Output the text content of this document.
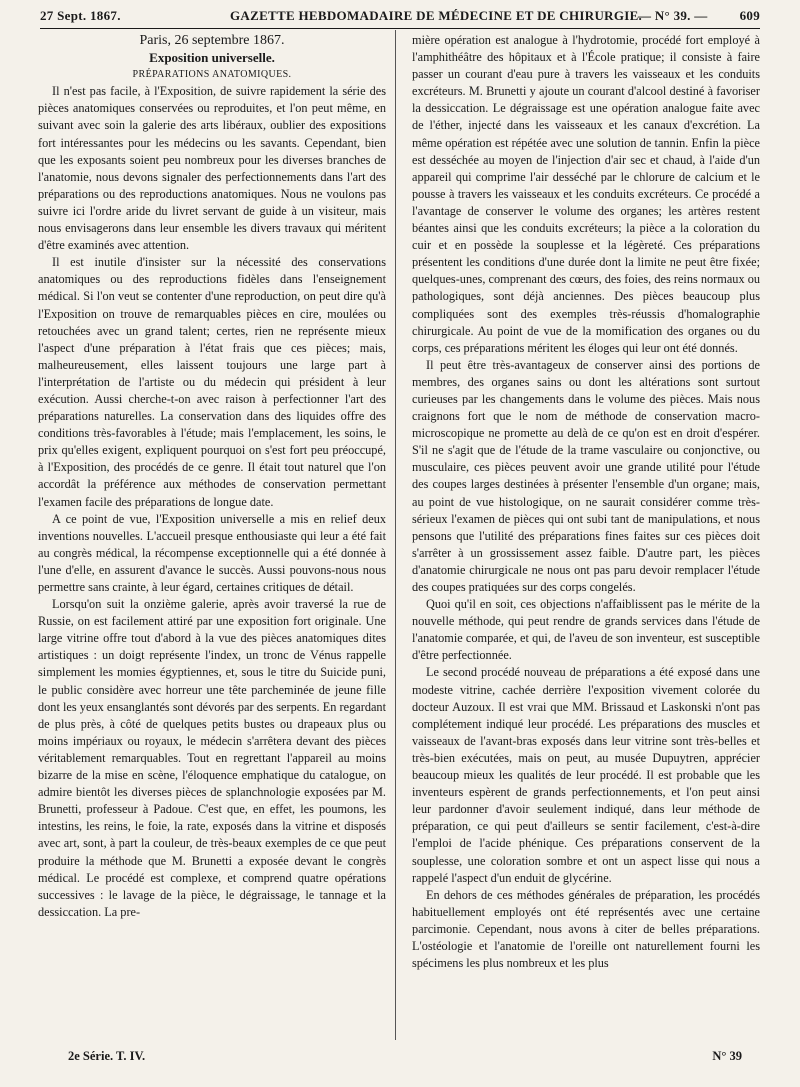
27 Sept. 1867.	GAZETTE HEBDOMADAIRE DE MÉDECINE ET DE CHIRURGIE.
— N° 39. — 609

Paris, 26 septembre 1867.

Exposition universelle.

PRÉPARATIONS ANATOMIQUES.

Il n'est pas facile, à l'Exposition, de suivre rapidement la série des pièces anatomiques conservées ou reproduites, et l'on peut même, en suivant avec soin la galerie des arts libéraux, oublier des expositions fort intéressantes pour les médecins ou les savants. Cependant, bien que les exposants soient peu nombreux pour les diverses branches de l'anatomie, nous devons signaler des perfectionnements dans l'art des préparations ou des reproductions anatomiques. Nous ne voulons pas suivre ici l'ordre aride du livret servant de guide à un visiteur, mais nous envisagerons dans leur ensemble les divers travaux qui méritent d'être examinés avec attention.

Il est inutile d'insister sur la nécessité des conservations anatomiques ou des reproductions fidèles dans l'enseignement médical. Si l'on veut se contenter d'une reproduction, on peut dire qu'à l'Exposition on trouve de remarquables pièces en cire, moulées ou retouchées avec un grand talent; certes, rien ne représente mieux l'aspect d'une préparation à l'état frais que ces pièces; mais, malheureusement, elles laissent toujours une large part à l'interprétation de l'artiste ou du médecin qui président à leur exécution. Aussi cherche-t-on avec raison à perfectionner l'art des préparations naturelles. La conservation dans des liquides offre des conditions très-favorables à l'étude; mais l'emplacement, les soins, le prix qu'elles exigent, expliquent pourquoi on s'est fort peu préoccupé, à l'Exposition, des procédés de ce genre. Il était tout naturel que l'on accordât la préférence aux méthodes de conservation permettant l'examen facile des préparations de longue date.

A ce point de vue, l'Exposition universelle a mis en relief deux inventions nouvelles. L'accueil presque enthousiaste qui leur a été fait au congrès médical, la récompense exceptionnelle qui a été donnée à l'une d'elle, en assurent d'avance le succès. Aussi pouvons-nous nous permettre sans crainte, à leur égard, certaines critiques de détail.

Lorsqu'on suit la onzième galerie, après avoir traversé la rue de Russie, on est facilement attiré par une exposition fort originale. Une large vitrine offre tout d'abord à la vue des pièces anatomiques dites artistiques : un doigt représente l'index, un tronc de Vénus rappelle simplement les momies égyptiennes, et, sous le titre du Suicide puni, le public considère avec horreur une tête parcheminée de jeune fille dont les yeux ensanglantés sont dévorés par des serpents. En regardant de plus près, à côté de quelques petits bustes ou drapeaux plus ou moins impériaux ou royaux, le médecin s'arrêtera devant des pièces véritablement remarquables. Tout en regrettant l'appareil au moins bizarre de la mise en scène, l'éloquence emphatique du catalogue, on admire bientôt les diverses pièces de splanchnologie exposées par M. Brunetti, professeur à Padoue. C'est que, en effet, les poumons, les intestins, les reins, le foie, la rate, exposés dans la vitrine et disposés avec art, sont, à part la couleur, de très-beaux exemples de ce que peut produire la méthode que M. Brunetti a exposée devant le congrès médical. Le procédé est complexe, et comprend quatre opérations successives : le lavage de la pièce, le dégraissage, le tannage et la dessiccation. La pre-

mière opération est analogue à l'hydrotomie, procédé fort employé à l'amphithéâtre des hôpitaux et à l'École pratique; il consiste à faire passer un courant d'eau pure à travers les vaisseaux et les conduits excréteurs. M. Brunetti y ajoute un courant d'alcool destiné à favoriser la dessiccation. Le dégraissage est une opération analogue faite avec de l'éther, injecté dans les vaisseaux et les canaux d'excrétion. La même opération est répétée avec une solution de tannin. Enfin la pièce est desséchée au moyen de l'injection d'air sec et chaud, à l'aide d'un appareil qui comprime l'air desséché par le chlorure de calcium et le pousse à travers les vaisseaux et les conduits excréteurs. Ce procédé a l'avantage de conserver le volume des organes; les artères restent béantes ainsi que les conduits excréteurs; la pièce a la coloration du cuir et en possède la souplesse et la légèreté. Ces préparations présentent les conditions d'une durée dont la limite ne peut être fixée; quelques-unes, comprenant des cœurs, des foies, des reins normaux ou pathologiques, sont déjà anciennes. Des pièces beaucoup plus compliquées sont des exemples très-réussis d'homalographie chirurgicale. Au point de vue de la momification des organes ou du corps, ces préparations méritent les éloges qui leur ont été donnés.

Il peut être très-avantageux de conserver ainsi des portions de membres, des organes sains ou dont les altérations sont surtout curieuses par les changements dans le volume des pièces. Mais nous craignons fort que le nom de méthode de conservation macro-microscopique ne promette au delà de ce qu'on est en droit d'espérer. S'il ne s'agit que de l'étude de la trame vasculaire ou conjonctive, ou musculaire, ces pièces peuvent avoir une grande utilité pour l'étude des coupes larges destinées à présenter l'ensemble d'un organe; mais, au point de vue histologique, on ne saurait considérer comme très-sérieux l'examen de pièces qui ont subi tant de manipulations, et nous pensons que l'utilité des préparations fines faites sur ces pièces doit s'arrêter à un grossissement assez faible. D'autre part, les pièces d'anatomie chirurgicale ne nous ont pas paru devoir remplacer l'étude des coupes pratiquées sur des corps congelés.

Quoi qu'il en soit, ces objections n'affaiblissent pas le mérite de la nouvelle méthode, qui peut rendre de grands services dans l'étude de l'anatomie comparée, et qui, de l'aveu de son inventeur, est susceptible d'être perfectionnée.

Le second procédé nouveau de préparations a été exposé dans une modeste vitrine, cachée derrière l'exposition vivement colorée du docteur Auzoux. Il est vrai que MM. Brissaud et Laskonski n'ont pas complétement indiqué leur procédé. Les préparations des muscles et vaisseaux de l'avant-bras exposés dans leur vitrine sont très-belles et très-bien exécutées, mais on peut, au musée Dupuytren, apprécier beaucoup mieux les qualités de leur procédé. Il est probable que les inventeurs espèrent de grands perfectionnements, et l'on peut ainsi leur pardonner d'avoir seulement indiqué, dans leur méthode de préparation, ce qui peut d'ailleurs se sentir facilement, c'est-à-dire l'emploi de l'acide phénique. Ces préparations conservent de la souplesse, une coloration sombre et ont un aspect lisse qui nous a rappelé l'aspect d'un enduit de glycérine.

En dehors de ces méthodes générales de préparation, les procédés habituellement employés ont été représentés avec une certaine parcimonie. Cependant, nous avons à citer de belles préparations. L'ostéologie et l'anatomie de l'oreille ont naturellement fourni les spécimens les plus nombreux et les plus

2e Série. T. IV.	N° 39
